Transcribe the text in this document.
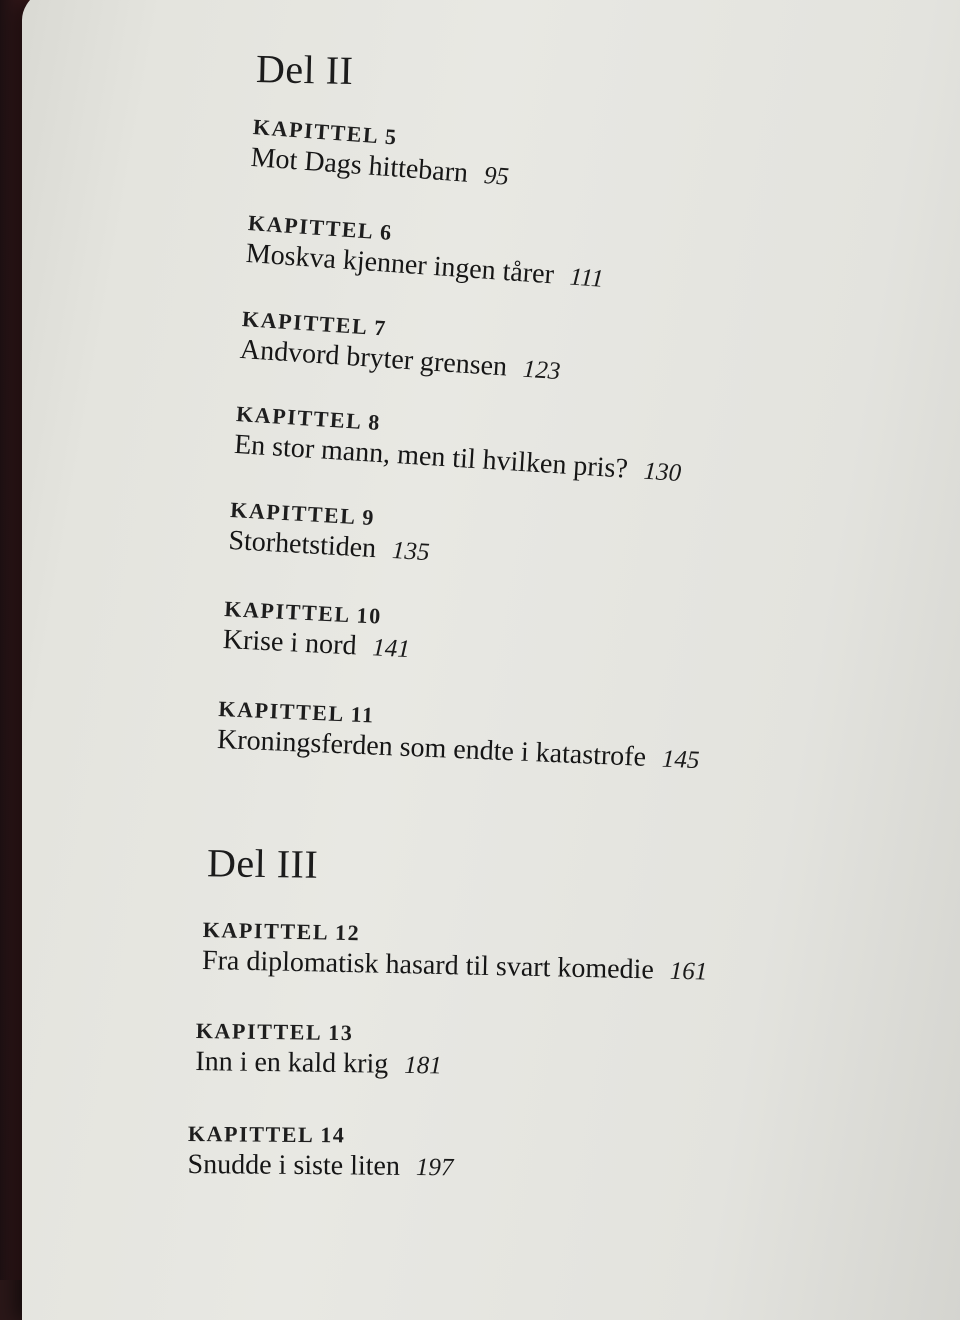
Del II
KAPITTEL 5
Mot Dags hittebarn 95
KAPITTEL 6
Moskva kjenner ingen tårer 111
KAPITTEL 7
Andvord bryter grensen 123
KAPITTEL 8
En stor mann, men til hvilken pris? 130
KAPITTEL 9
Storhetstiden 135
KAPITTEL 10
Krise i nord 141
KAPITTEL 11
Kroningsferden som endte i katastrofe 145
Del III
KAPITTEL 12
Fra diplomatisk hasard til svart komedie 161
KAPITTEL 13
Inn i en kald krig 181
KAPITTEL 14
Snudde i siste liten 197
